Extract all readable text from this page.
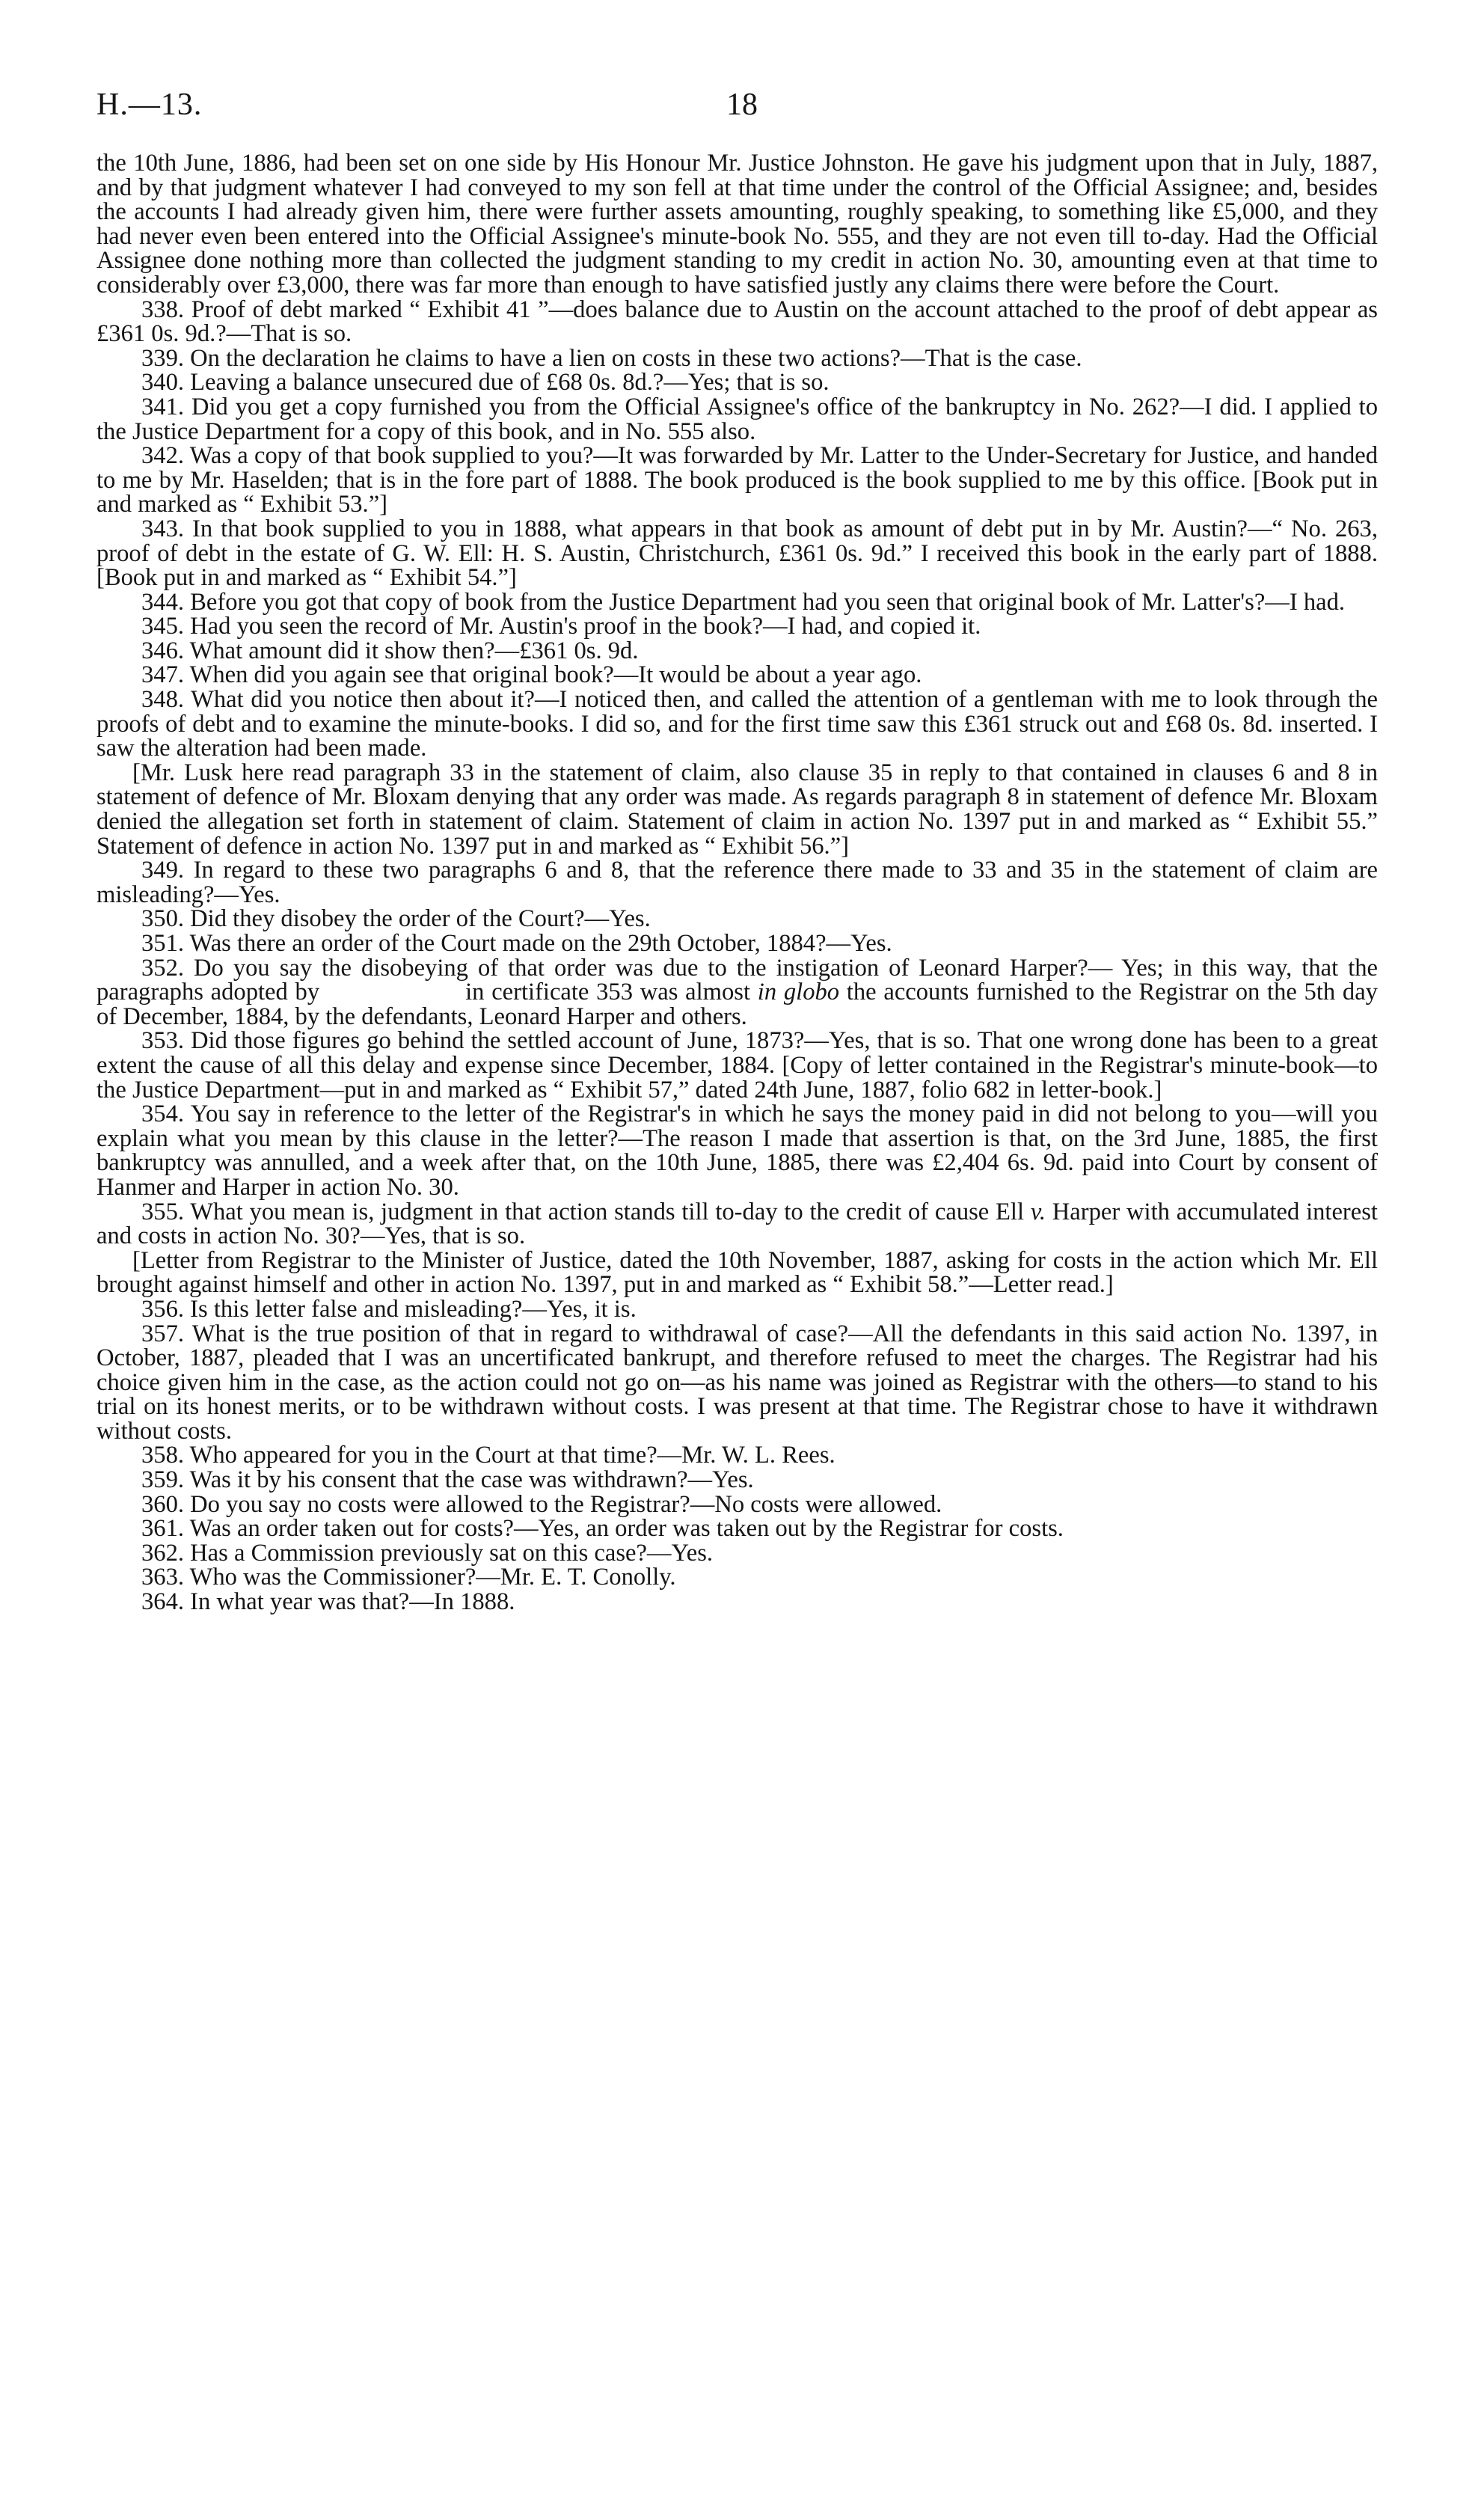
H.—13.	18

the 10th June, 1886, had been set on one side by His Honour Mr. Justice Johnston. He gave his judgment upon that in July, 1887, and by that judgment whatever I had conveyed to my son fell at that time under the control of the Official Assignee; and, besides the accounts I had already given him, there were further assets amounting, roughly speaking, to something like £5,000, and they had never even been entered into the Official Assignee's minute-book No. 555, and they are not even till to-day. Had the Official Assignee done nothing more than collected the judgment standing to my credit in action No. 30, amounting even at that time to considerably over £3,000, there was far more than enough to have satisfied justly any claims there were before the Court.

338. Proof of debt marked “ Exhibit 41 ”—does balance due to Austin on the account attached to the proof of debt appear as £361 0s. 9d.?—That is so.

339. On the declaration he claims to have a lien on costs in these two actions?—That is the case.

340. Leaving a balance unsecured due of £68 0s. 8d.?—Yes; that is so.

341. Did you get a copy furnished you from the Official Assignee's office of the bankruptcy in No. 262?—I did. I applied to the Justice Department for a copy of this book, and in No. 555 also.

342. Was a copy of that book supplied to you?—It was forwarded by Mr. Latter to the Under-Secretary for Justice, and handed to me by Mr. Haselden; that is in the fore part of 1888. The book produced is the book supplied to me by this office. [Book put in and marked as “ Exhibit 53.”]

343. In that book supplied to you in 1888, what appears in that book as amount of debt put in by Mr. Austin?—“ No. 263, proof of debt in the estate of G. W. Ell: H. S. Austin, Christchurch, £361 0s. 9d.” I received this book in the early part of 1888. [Book put in and marked as “ Exhibit 54.”]

344. Before you got that copy of book from the Justice Department had you seen that original book of Mr. Latter's?—I had.

345. Had you seen the record of Mr. Austin's proof in the book?—I had, and copied it.

346. What amount did it show then?—£361 0s. 9d.

347. When did you again see that original book?—It would be about a year ago.

348. What did you notice then about it?—I noticed then, and called the attention of a gentleman with me to look through the proofs of debt and to examine the minute-books. I did so, and for the first time saw this £361 struck out and £68 0s. 8d. inserted. I saw the alteration had been made.

[Mr. Lusk here read paragraph 33 in the statement of claim, also clause 35 in reply to that contained in clauses 6 and 8 in statement of defence of Mr. Bloxam denying that any order was made. As regards paragraph 8 in statement of defence Mr. Bloxam denied the allegation set forth in statement of claim. Statement of claim in action No. 1397 put in and marked as “ Exhibit 55.” Statement of defence in action No. 1397 put in and marked as “ Exhibit 56.”]

349. In regard to these two paragraphs 6 and 8, that the reference there made to 33 and 35 in the statement of claim are misleading?—Yes.

350. Did they disobey the order of the Court?—Yes.

351. Was there an order of the Court made on the 29th October, 1884?—Yes.

352. Do you say the disobeying of that order was due to the instigation of Leonard Harper?— Yes; in this way, that the paragraphs adopted by	in certificate 353 was almost in globo the accounts furnished to the Registrar on the 5th day of December, 1884, by the defendants, Leonard Harper and others.

353. Did those figures go behind the settled account of June, 1873?—Yes, that is so. That one wrong done has been to a great extent the cause of all this delay and expense since December, 1884. [Copy of letter contained in the Registrar's minute-book—to the Justice Department—put in and marked as “ Exhibit 57,” dated 24th June, 1887, folio 682 in letter-book.]

354. You say in reference to the letter of the Registrar's in which he says the money paid in did not belong to you—will you explain what you mean by this clause in the letter?—The reason I made that assertion is that, on the 3rd June, 1885, the first bankruptcy was annulled, and a week after that, on the 10th June, 1885, there was £2,404 6s. 9d. paid into Court by consent of Hanmer and Harper in action No. 30.

355. What you mean is, judgment in that action stands till to-day to the credit of cause Ell v. Harper with accumulated interest and costs in action No. 30?—Yes, that is so.

[Letter from Registrar to the Minister of Justice, dated the 10th November, 1887, asking for costs in the action which Mr. Ell brought against himself and other in action No. 1397, put in and marked as “ Exhibit 58.”—Letter read.]

356. Is this letter false and misleading?—Yes, it is.

357. What is the true position of that in regard to withdrawal of case?—All the defendants in this said action No. 1397, in October, 1887, pleaded that I was an uncertificated bankrupt, and therefore refused to meet the charges. The Registrar had his choice given him in the case, as the action could not go on—as his name was joined as Registrar with the others—to stand to his trial on its honest merits, or to be withdrawn without costs. I was present at that time. The Registrar chose to have it withdrawn without costs.

358. Who appeared for you in the Court at that time?—Mr. W. L. Rees.

359. Was it by his consent that the case was withdrawn?—Yes.

360. Do you say no costs were allowed to the Registrar?—No costs were allowed.

361. Was an order taken out for costs?—Yes, an order was taken out by the Registrar for costs.

362. Has a Commission previously sat on this case?—Yes.

363. Who was the Commissioner?—Mr. E. T. Conolly.

364. In what year was that?—In 1888.
